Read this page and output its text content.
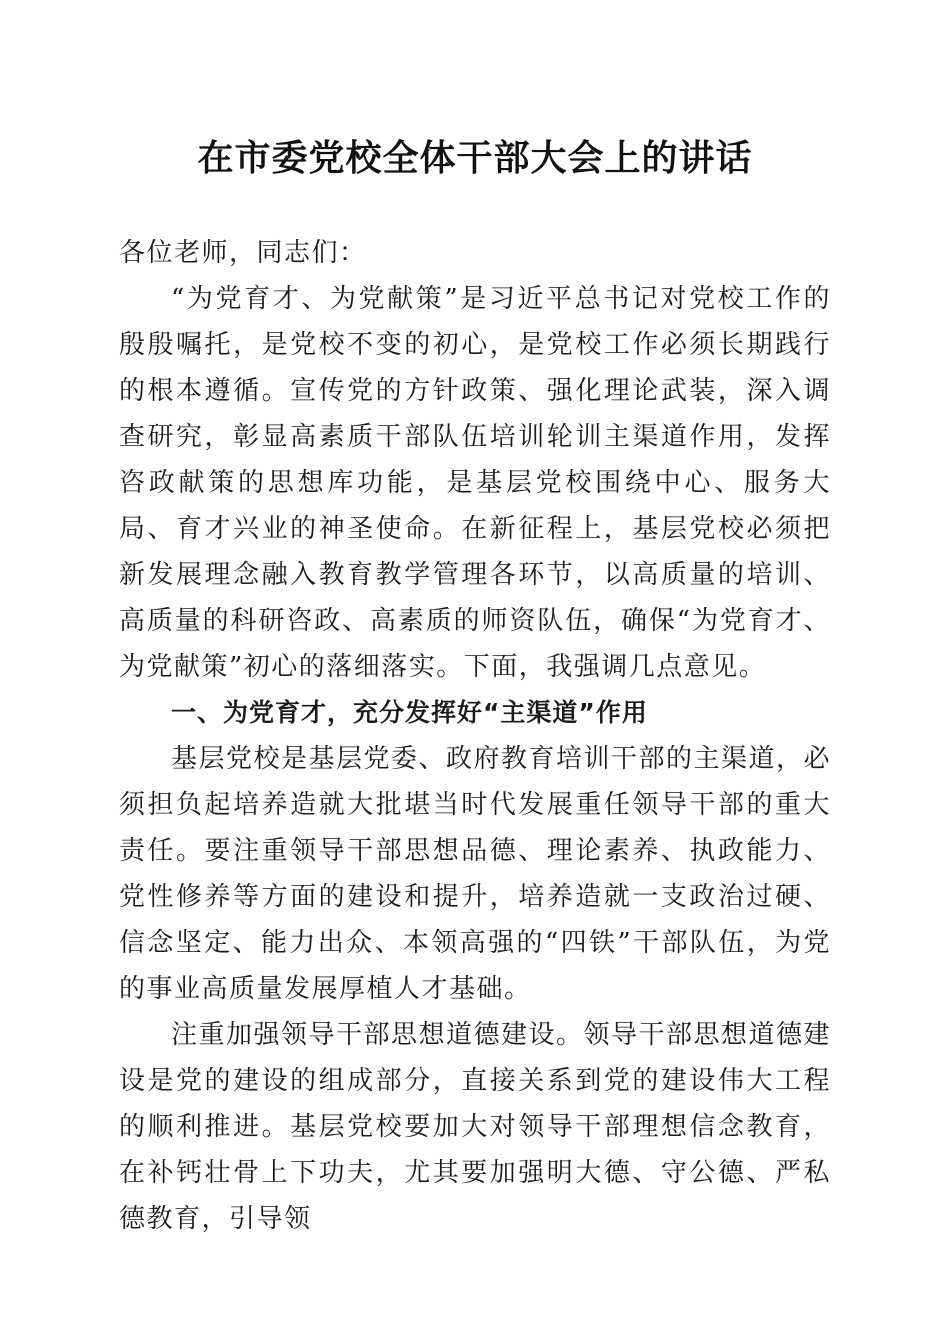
在市委党校全体干部大会上的讲话

各位老师，同志们：

“为党育才、为党献策”是习近平总书记对党校工作的殷殷嘱托，是党校不变的初心，是党校工作必须长期践行的根本遵循。宣传党的方针政策、强化理论武装，深入调查研究，彰显高素质干部队伍培训轮训主渠道作用，发挥咨政献策的思想库功能，是基层党校围绕中心、服务大局、育才兴业的神圣使命。在新征程上，基层党校必须把新发展理念融入教育教学管理各环节，以高质量的培训、高质量的科研咨政、高素质的师资队伍，确保“为党育才、为党献策”初心的落细落实。下面，我强调几点意见。

一、为党育才，充分发挥好“主渠道”作用

基层党校是基层党委、政府教育培训干部的主渠道，必须担负起培养造就大批堪当时代发展重任领导干部的重大责任。要注重领导干部思想品德、理论素养、执政能力、党性修养等方面的建设和提升，培养造就一支政治过硬、信念坚定、能力出众、本领高强的“四铁”干部队伍，为党的事业高质量发展厚植人才基础。

注重加强领导干部思想道德建设。领导干部思想道德建设是党的建设的组成部分，直接关系到党的建设伟大工程的顺利推进。基层党校要加大对领导干部理想信念教育，在补钙壮骨上下功夫，尤其要加强明大德、守公德、严私德教育，引导领
